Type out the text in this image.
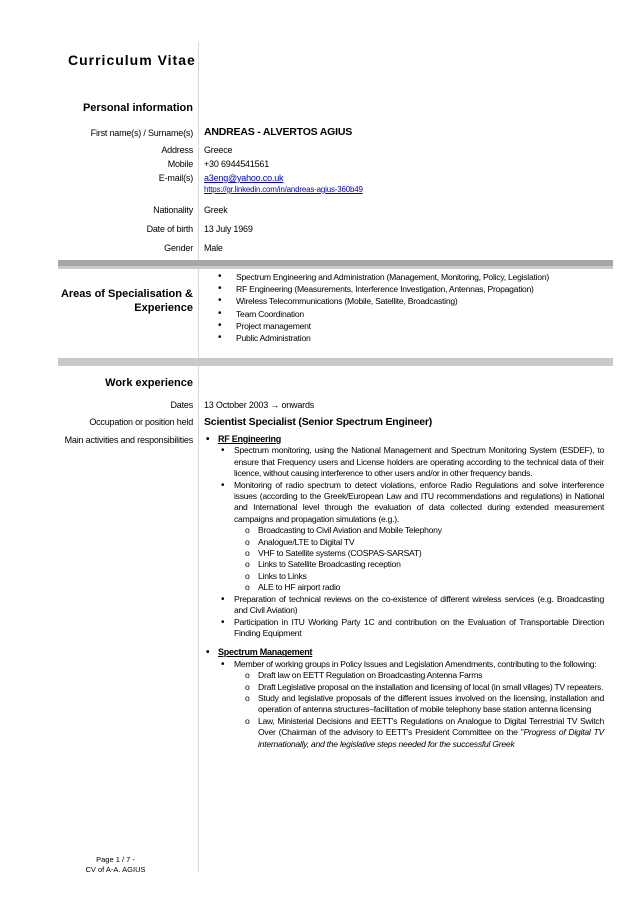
Curriculum Vitae
Personal information
First name(s) / Surname(s) ANDREAS - ALVERTOS AGIUS
Address Greece
Mobile +30 6944541561
E-mail(s) a3eng@yahoo.co.uk
https://gr.linkedin.com/in/andreas-agius-360b49
Nationality Greek
Date of birth 13 July 1969
Gender Male
Areas of Specialisation &
Experience
• Spectrum Engineering and Administration (Management, Monitoring, Policy, Legislation)
• RF Engineering (Measurements, Interference Investigation, Antennas, Propagation)
• Wireless Telecommunications (Mobile, Satellite, Broadcasting)
• Team Coordination
• Project management
• Public Administration
Work experience
Dates 13 October 2003 → onwards
Occupation or position held Scientist Specialist (Senior Spectrum Engineer)
Main activities and responsibilities
•	RF Engineering
• Spectrum monitoring, using the National Management and Spectrum Monitoring System (ESDEF), to ensure that Frequency users and License holders are operating according to the technical data of their licence, without causing interference to other users and/or in other frequency bands.
• Monitoring of radio spectrum to detect violations, enforce Radio Regulations and solve interference issues (according to the Greek/European Law and ITU recommendations and regulations) in National and International level through the evaluation of data collected during extended measurement campaigns and propagation simulations (e.g.).
o Broadcasting to Civil Aviation and Mobile Telephony
o Analogue/LTE to Digital TV
o VHF to Satellite systems (COSPAS-SARSAT)
o Links to Satellite Broadcasting reception
o Links to Links
o ALE to HF airport radio
• Preparation of technical reviews on the co-existence of different wireless services (e.g. Broadcasting and Civil Aviation)
• Participation in ITU Working Party 1C and contribution on the Evaluation of Transportable Direction Finding Equipment
• Spectrum Management
• Member of working groups in Policy Issues and Legislation Amendments, contributing to the following:
o Draft law on EETT Regulation on Broadcasting Antenna Farms
o Draft Legislative proposal on the installation and licensing of local (in small villages) TV repeaters.
o Study and legislative proposals of the different issues involved on the licensing, installation and operation of antenna structures–facilitation of mobile telephony base station antenna licensing
o Law, Ministerial Decisions and EETT's Regulations on Analogue to Digital Terrestrial TV Switch Over (Chairman of the advisory to EETT's President Committee on the "Progress of Digital TV internationally, and the legislative steps needed for the successful Greek
Page 1 / 7 -
CV of A-A. AGIUS
